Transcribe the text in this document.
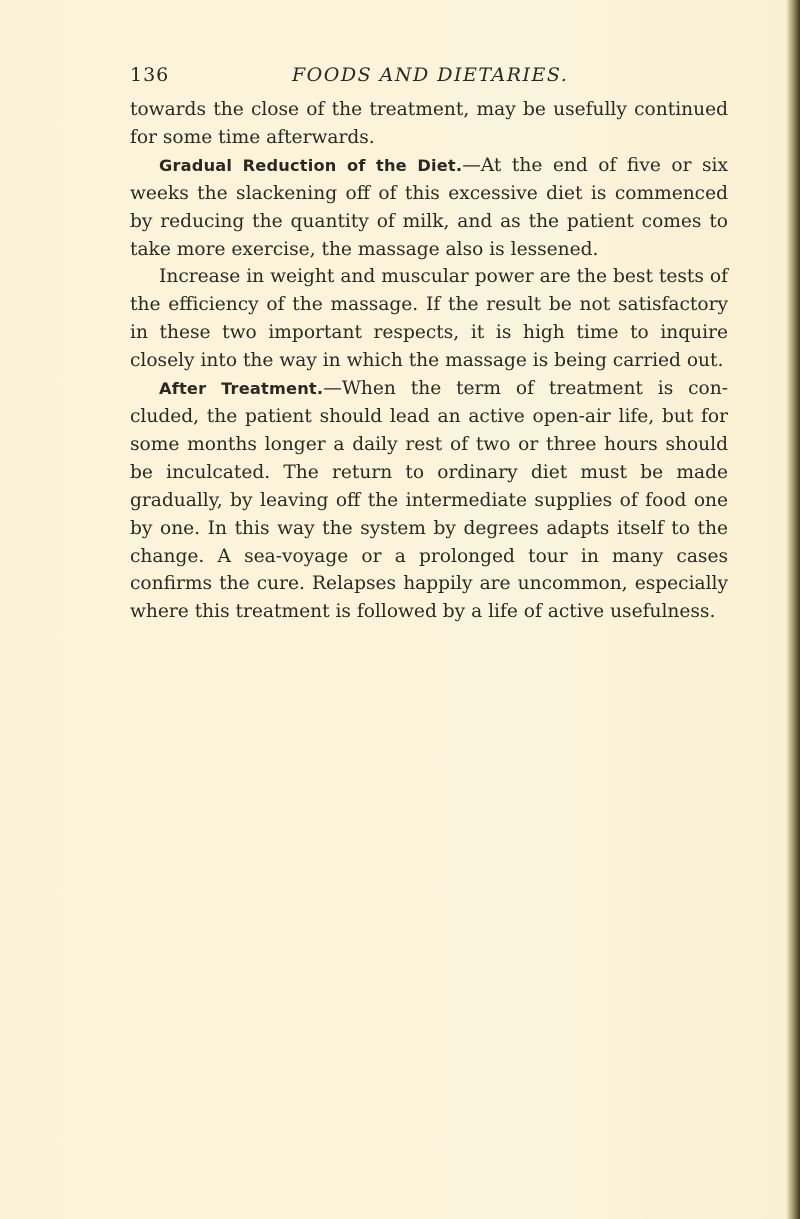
136	FOODS AND DIETARIES.

towards the close of the treatment, may be usefully continued for some time afterwards.

Gradual Reduction of the Diet.—At the end of five or six weeks the slackening off of this excessive diet is commenced by reducing the quantity of milk, and as the patient comes to take more exercise, the massage also is lessened.

Increase in weight and muscular power are the best tests of the efficiency of the massage. If the result be not satisfactory in these two important respects, it is high time to inquire closely into the way in which the massage is being carried out.

After Treatment.—When the term of treatment is concluded, the patient should lead an active open-air life, but for some months longer a daily rest of two or three hours should be inculcated. The return to ordinary diet must be made gradually, by leaving off the intermediate supplies of food one by one. In this way the system by degrees adapts itself to the change. A sea-voyage or a prolonged tour in many cases confirms the cure. Relapses happily are uncommon, especially where this treatment is followed by a life of active usefulness.
